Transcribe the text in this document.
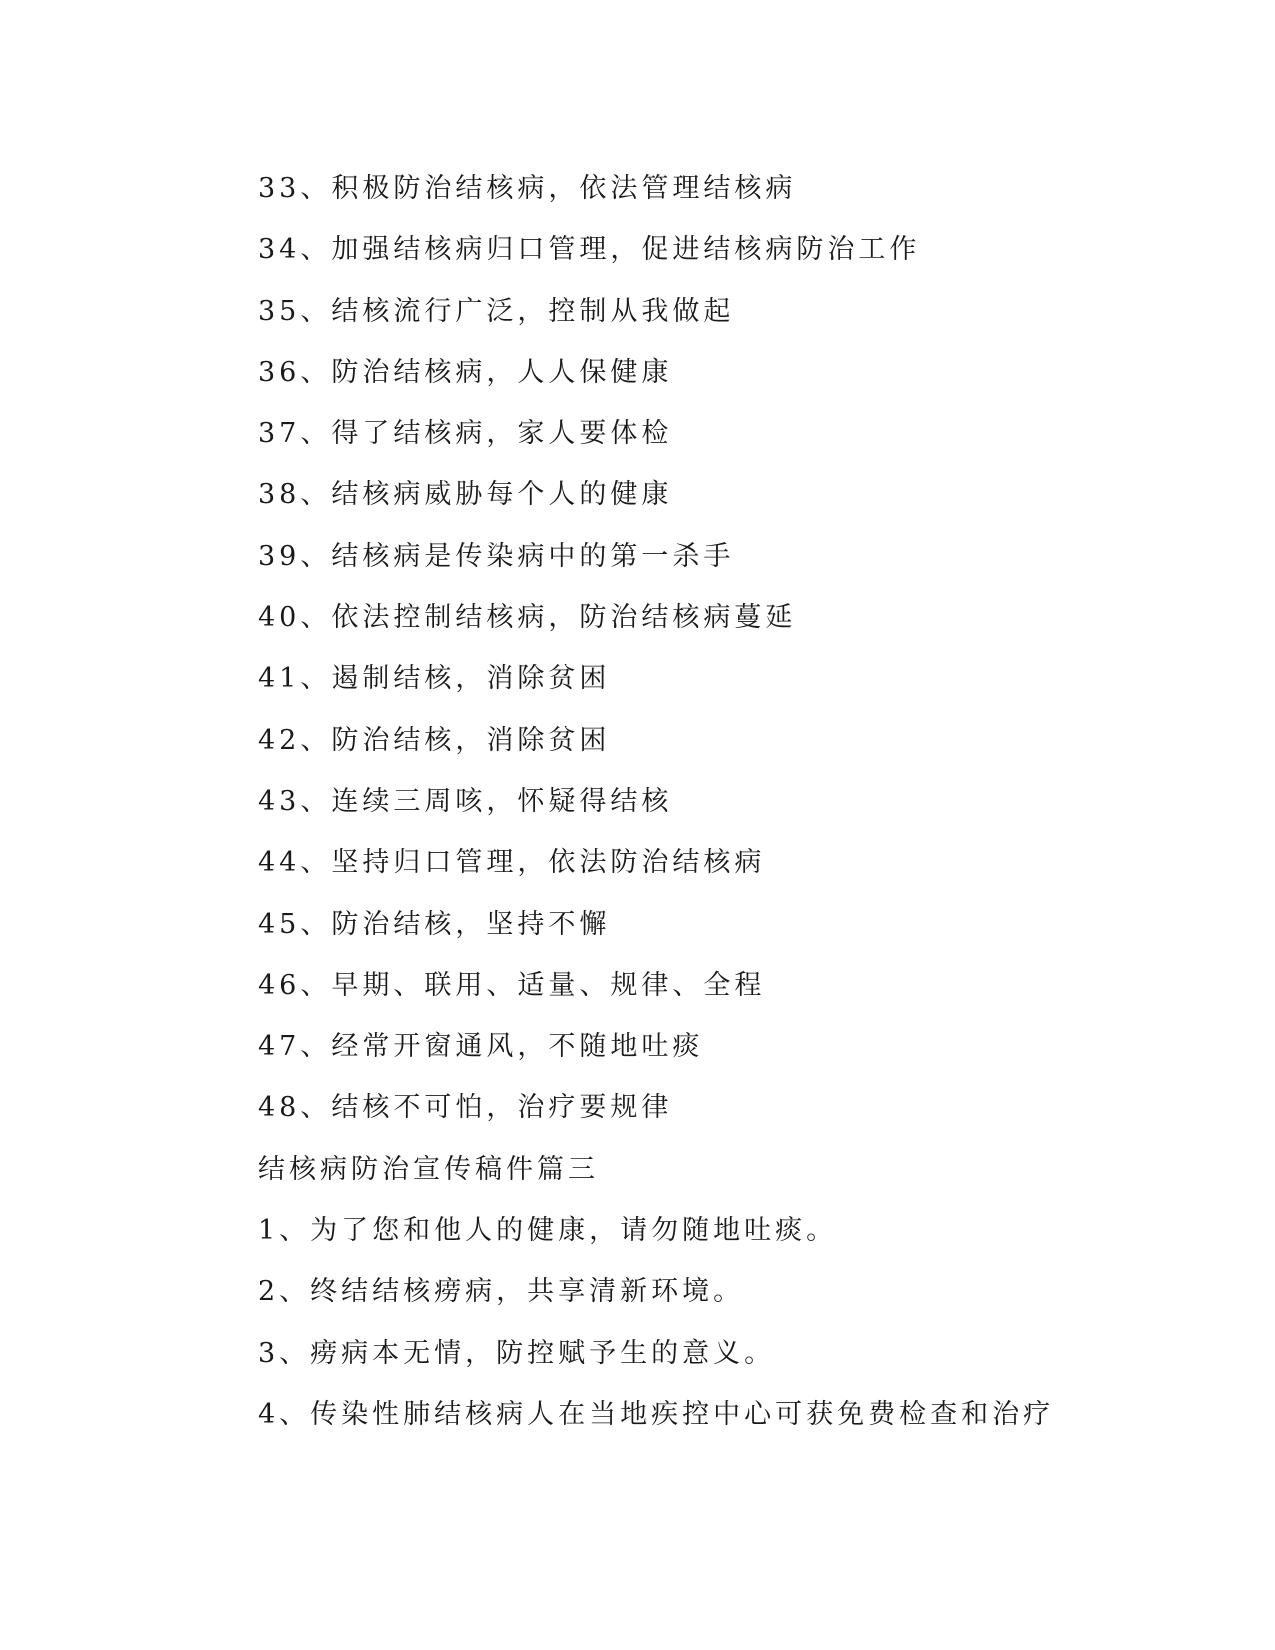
33、积极防治结核病，依法管理结核病
34、加强结核病归口管理，促进结核病防治工作
35、结核流行广泛，控制从我做起
36、防治结核病，人人保健康
37、得了结核病，家人要体检
38、结核病威胁每个人的健康
39、结核病是传染病中的第一杀手
40、依法控制结核病，防治结核病蔓延
41、遏制结核，消除贫困
42、防治结核，消除贫困
43、连续三周咳，怀疑得结核
44、坚持归口管理，依法防治结核病
45、防治结核，坚持不懈
46、早期、联用、适量、规律、全程
47、经常开窗通风，不随地吐痰
48、结核不可怕，治疗要规律
结核病防治宣传稿件篇三
1、为了您和他人的健康，请勿随地吐痰。
2、终结结核痨病，共享清新环境。
3、痨病本无情，防控赋予生的意义。
4、传染性肺结核病人在当地疾控中心可获免费检查和治疗
